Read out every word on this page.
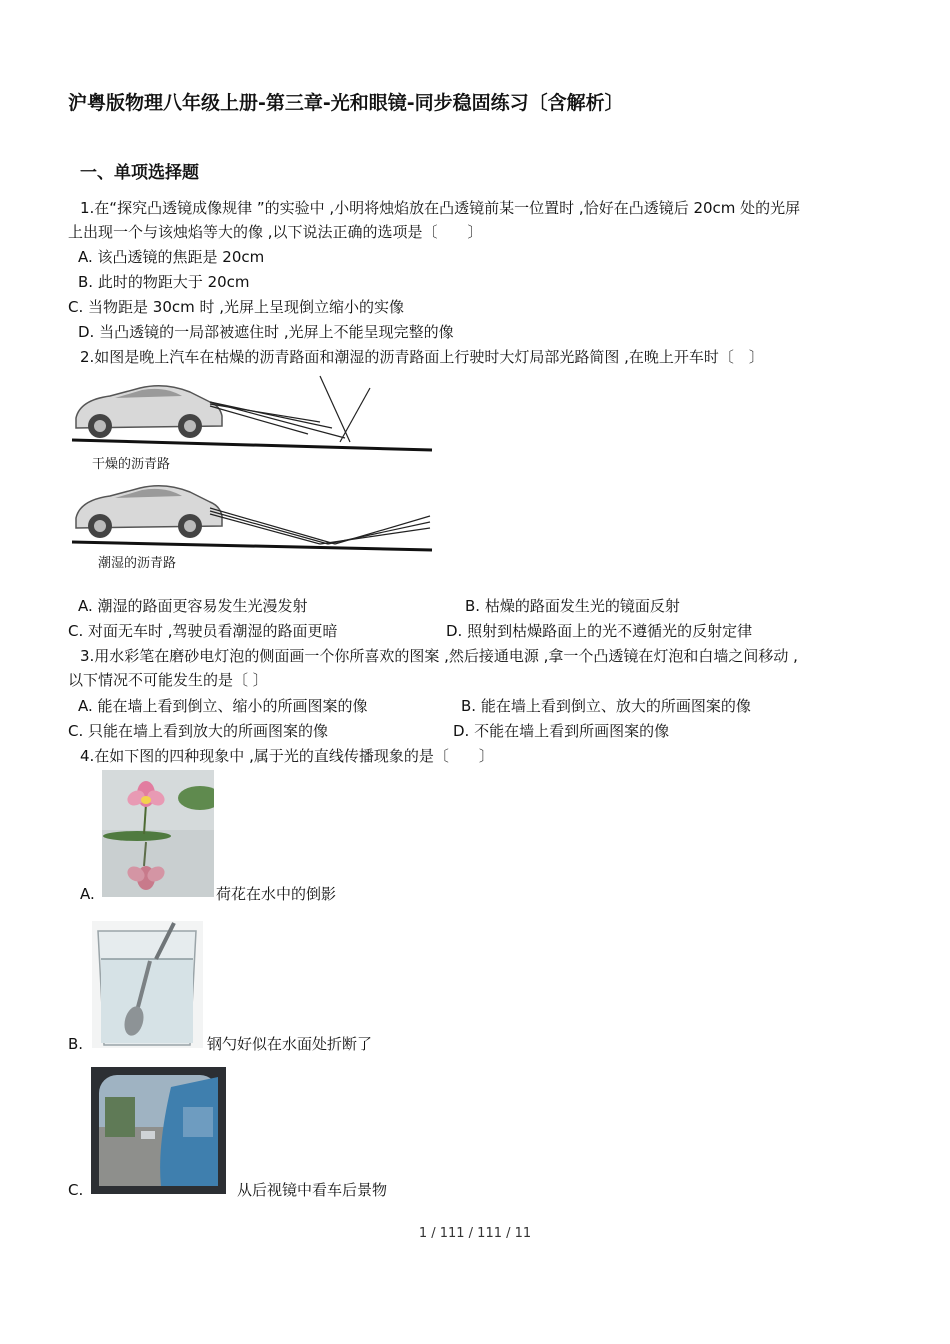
沪粤版物理八年级上册-第三章-光和眼镜-同步稳固练习〔含解析〕
一、单项选择题
1.在“探究凸透镜成像规律 ”的实验中 ,小明将烛焰放在凸透镜前某一位置时 ,恰好在凸透镜后 20cm 处的光屏
上出现一个与该烛焰等大的像 ,以下说法正确的选项是〔　　〕
A. 该凸透镜的焦距是 20cm
B. 此时的物距大于 20cm
C. 当物距是 30cm 时 ,光屏上呈现倒立缩小的实像
D. 当凸透镜的一局部被遮住时 ,光屏上不能呈现完整的像
2.如图是晚上汽车在枯燥的沥青路面和潮湿的沥青路面上行驶时大灯局部光路简图 ,在晚上开车时〔　〕
干燥的沥青路
潮湿的沥青路
A. 潮湿的路面更容易发生光漫发射	B. 枯燥的路面发生光的镜面反射
C. 对面无车时 ,驾驶员看潮湿的路面更暗	D. 照射到枯燥路面上的光不遵循光的反射定律
3.用水彩笔在磨砂电灯泡的侧面画一个你所喜欢的图案 ,然后接通电源 ,拿一个凸透镜在灯泡和白墙之间移动 ,
以下情况不可能发生的是〔 〕
A. 能在墙上看到倒立、缩小的所画图案的像	B. 能在墙上看到倒立、放大的所画图案的像
C. 只能在墙上看到放大的所画图案的像	D. 不能在墙上看到所画图案的像
4.在如下图的四种现象中 ,属于光的直线传播现象的是〔　　〕
A.	荷花在水中的倒影
B.	钢勺好似在水面处折断了
C.	从后视镜中看车后景物
1 / 111 / 111 / 11
